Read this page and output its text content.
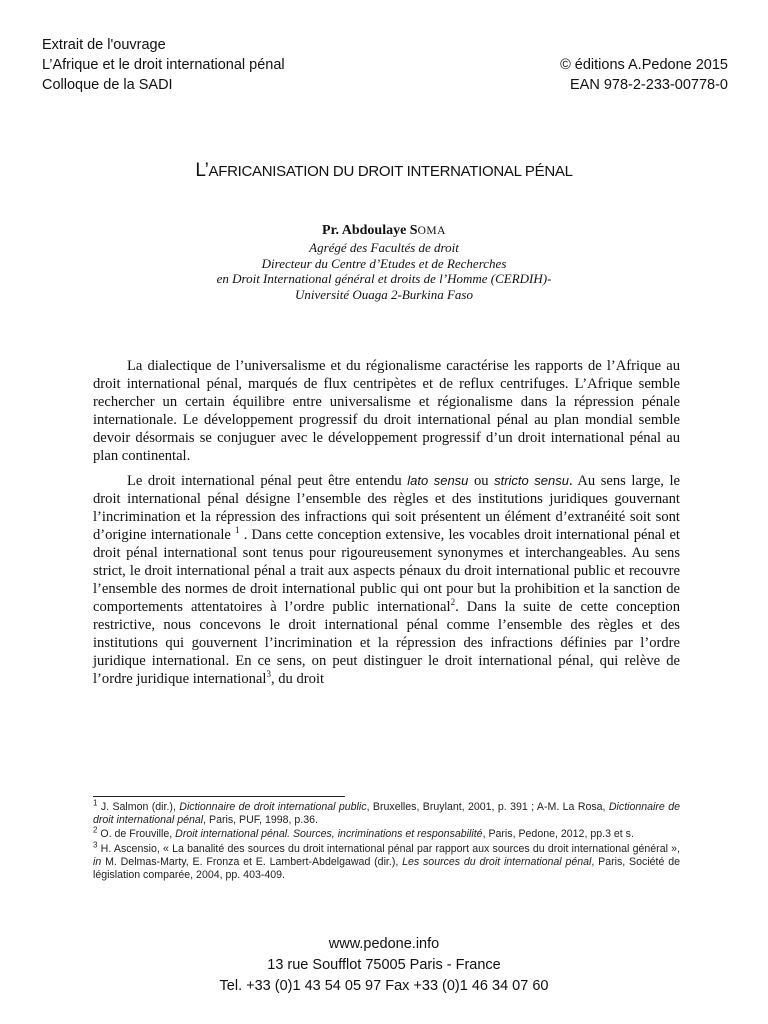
Extrait de l'ouvrage
L’Afrique et le droit international pénal	© éditions A.Pedone 2015
Colloque de la SADI	EAN 978-2-233-00778-0
L’AFRICANISATION DU DROIT INTERNATIONAL PÉNAL
Pr. Abdoulaye SOMA
Agrégé des Facultés de droit
Directeur du Centre d’Etudes et de Recherches
en Droit International général et droits de l’Homme (CERDIH)-
Université Ouaga 2-Burkina Faso

La dialectique de l’universalisme et du régionalisme caractérise les rapports de l’Afrique au droit international pénal, marqués de flux centripètes et de reflux centrifuges. L’Afrique semble rechercher un certain équilibre entre universalisme et régionalisme dans la répression pénale internationale. Le développement progressif du droit international pénal au plan mondial semble devoir désormais se conjuguer avec le développement progressif d’un droit international pénal au plan continental.

Le droit international pénal peut être entendu lato sensu ou stricto sensu. Au sens large, le droit international pénal désigne l’ensemble des règles et des institutions juridiques gouvernant l’incrimination et la répression des infractions qui soit présentent un élément d’extranéité soit sont d’origine internationale $^1$ . Dans cette conception extensive, les vocables droit international pénal et droit pénal international sont tenus pour rigoureusement synonymes et interchangeables. Au sens strict, le droit international pénal a trait aux aspects pénaux du droit international public et recouvre l’ensemble des normes de droit international public qui ont pour but la prohibition et la sanction de comportements attentatoires à l’ordre public international$^2$. Dans la suite de cette conception restrictive, nous concevons le droit international pénal comme l’ensemble des règles et des institutions qui gouvernent l’incrimination et la répression des infractions définies par l’ordre juridique international. En ce sens, on peut distinguer le droit international pénal, qui relève de l’ordre juridique international$^3$, du droit

$^1$ J. Salmon (dir.), Dictionnaire de droit international public, Bruxelles, Bruylant, 2001, p. 391 ; A-M. La Rosa, Dictionnaire de droit international pénal, Paris, PUF, 1998, p.36.
$^2$ O. de Frouville, Droit international pénal. Sources, incriminations et responsabilité, Paris, Pedone, 2012, pp.3 et s.
$^3$ H. Ascensio, « La banalité des sources du droit international pénal par rapport aux sources du droit international général », in M. Delmas-Marty, E. Fronza et E. Lambert-Abdelgawad (dir.), Les sources du droit international pénal, Paris, Société de législation comparée, 2004, pp. 403-409.
www.pedone.info
13 rue Soufflot 75005 Paris - France
Tel. +33 (0)1 43 54 05 97 Fax +33 (0)1 46 34 07 60
